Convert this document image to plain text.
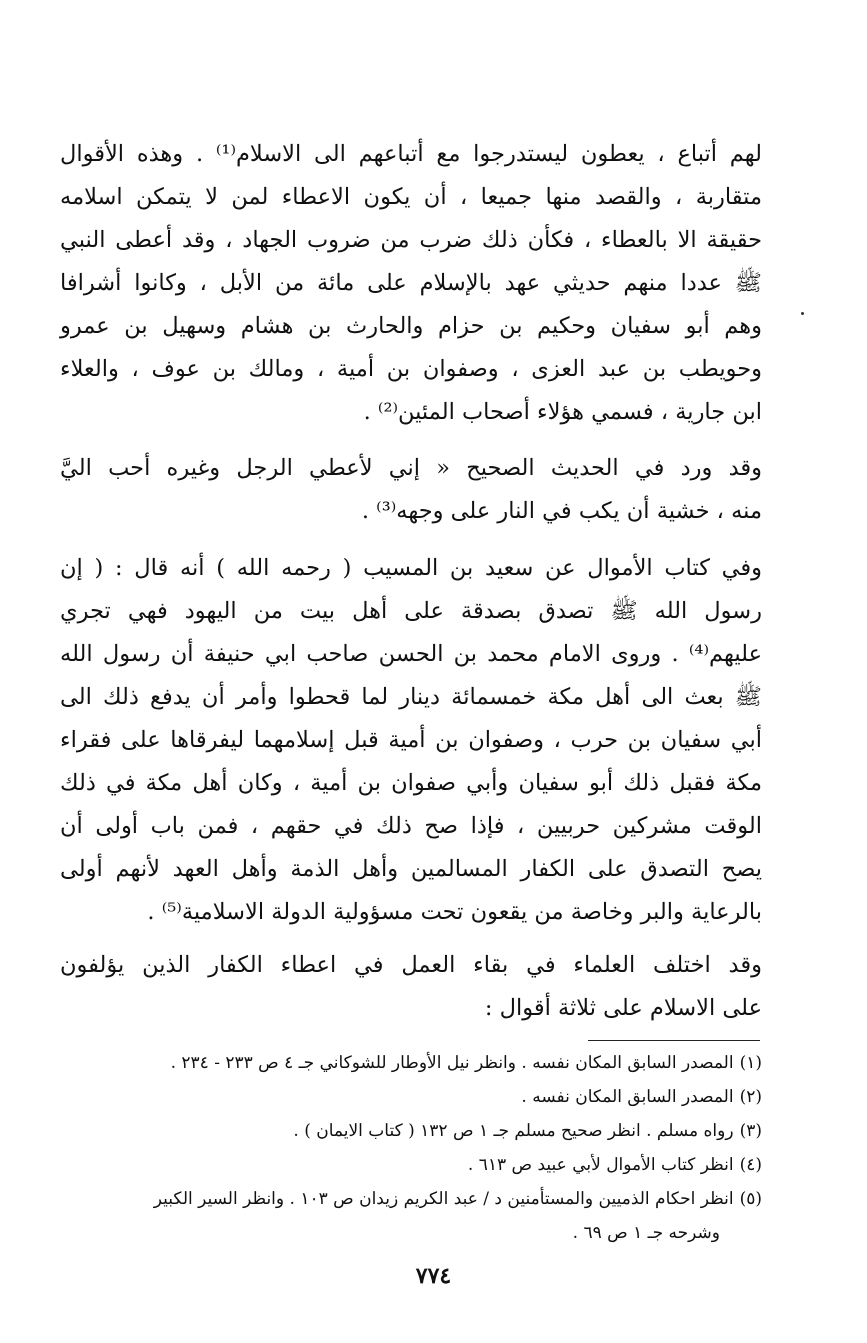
لهم أتباع ، يعطون ليستدرجوا مع أتباعهم الى الاسلام⁽¹⁾ . وهذه الأقوال
متقاربة ، والقصد منها جميعا ، أن يكون الاعطاء لمن لا يتمكن اسلامه
حقيقة الا بالعطاء ، فكأن ذلك ضرب من ضروب الجهاد ، وقد أعطى النبي
ﷺ عددا منهم حديثي عهد بالإسلام على مائة من الأبل ، وكانوا أشرافا
وهم أبو سفيان وحكيم بن حزام والحارث بن هشام وسهيل بن عمرو
وحويطب بن عبد العزى ، وصفوان بن أمية ، ومالك بن عوف ، والعلاء
ابن جارية ، فسمي هؤلاء أصحاب المئين⁽²⁾ .
وقد ورد في الحديث الصحيح « إني لأعطي الرجل وغيره أحب اليَّ
منه ، خشية أن يكب في النار على وجهه⁽³⁾ .
وفي كتاب الأموال عن سعيد بن المسيب ( رحمه الله ) أنه قال : ( إن
رسول الله ﷺ تصدق بصدقة على أهل بيت من اليهود فهي تجري
عليهم⁽⁴⁾ . وروى الامام محمد بن الحسن صاحب ابي حنيفة أن رسول الله
ﷺ بعث الى أهل مكة خمسمائة دينار لما قحطوا وأمر أن يدفع ذلك الى
أبي سفيان بن حرب ، وصفوان بن أمية قبل إسلامهما ليفرقاها على فقراء
مكة فقبل ذلك أبو سفيان وأبي صفوان بن أمية ، وكان أهل مكة في ذلك
الوقت مشركين حربيين ، فإذا صح ذلك في حقهم ، فمن باب أولى أن
يصح التصدق على الكفار المسالمين وأهل الذمة وأهل العهد لأنهم أولى
بالرعاية والبر وخاصة من يقعون تحت مسؤولية الدولة الاسلامية⁽⁵⁾ .
وقد اختلف العلماء في بقاء العمل في اعطاء الكفار الذين يؤلفون
على الاسلام على ثلاثة أقوال :
(١)المصدر السابق المكان نفسه . وانظر نيل الأوطار للشوكاني جـ ٤ ص ٢٣٣ - ٢٣٤ .
(٢)المصدر السابق المكان نفسه .
(٣)رواه مسلم . انظر صحيح مسلم جـ ١ ص ١٣٢ ( كتاب الايمان ) .
(٤)انظر كتاب الأموال لأبي عبيد ص ٦١٣ .
(٥)انظر احكام الذميين والمستأمنين د / عبد الكريم زيدان ص ١٠٣ . وانظر السير الكبير
وشرحه جـ ١ ص ٦٩ .
٧٧٤
